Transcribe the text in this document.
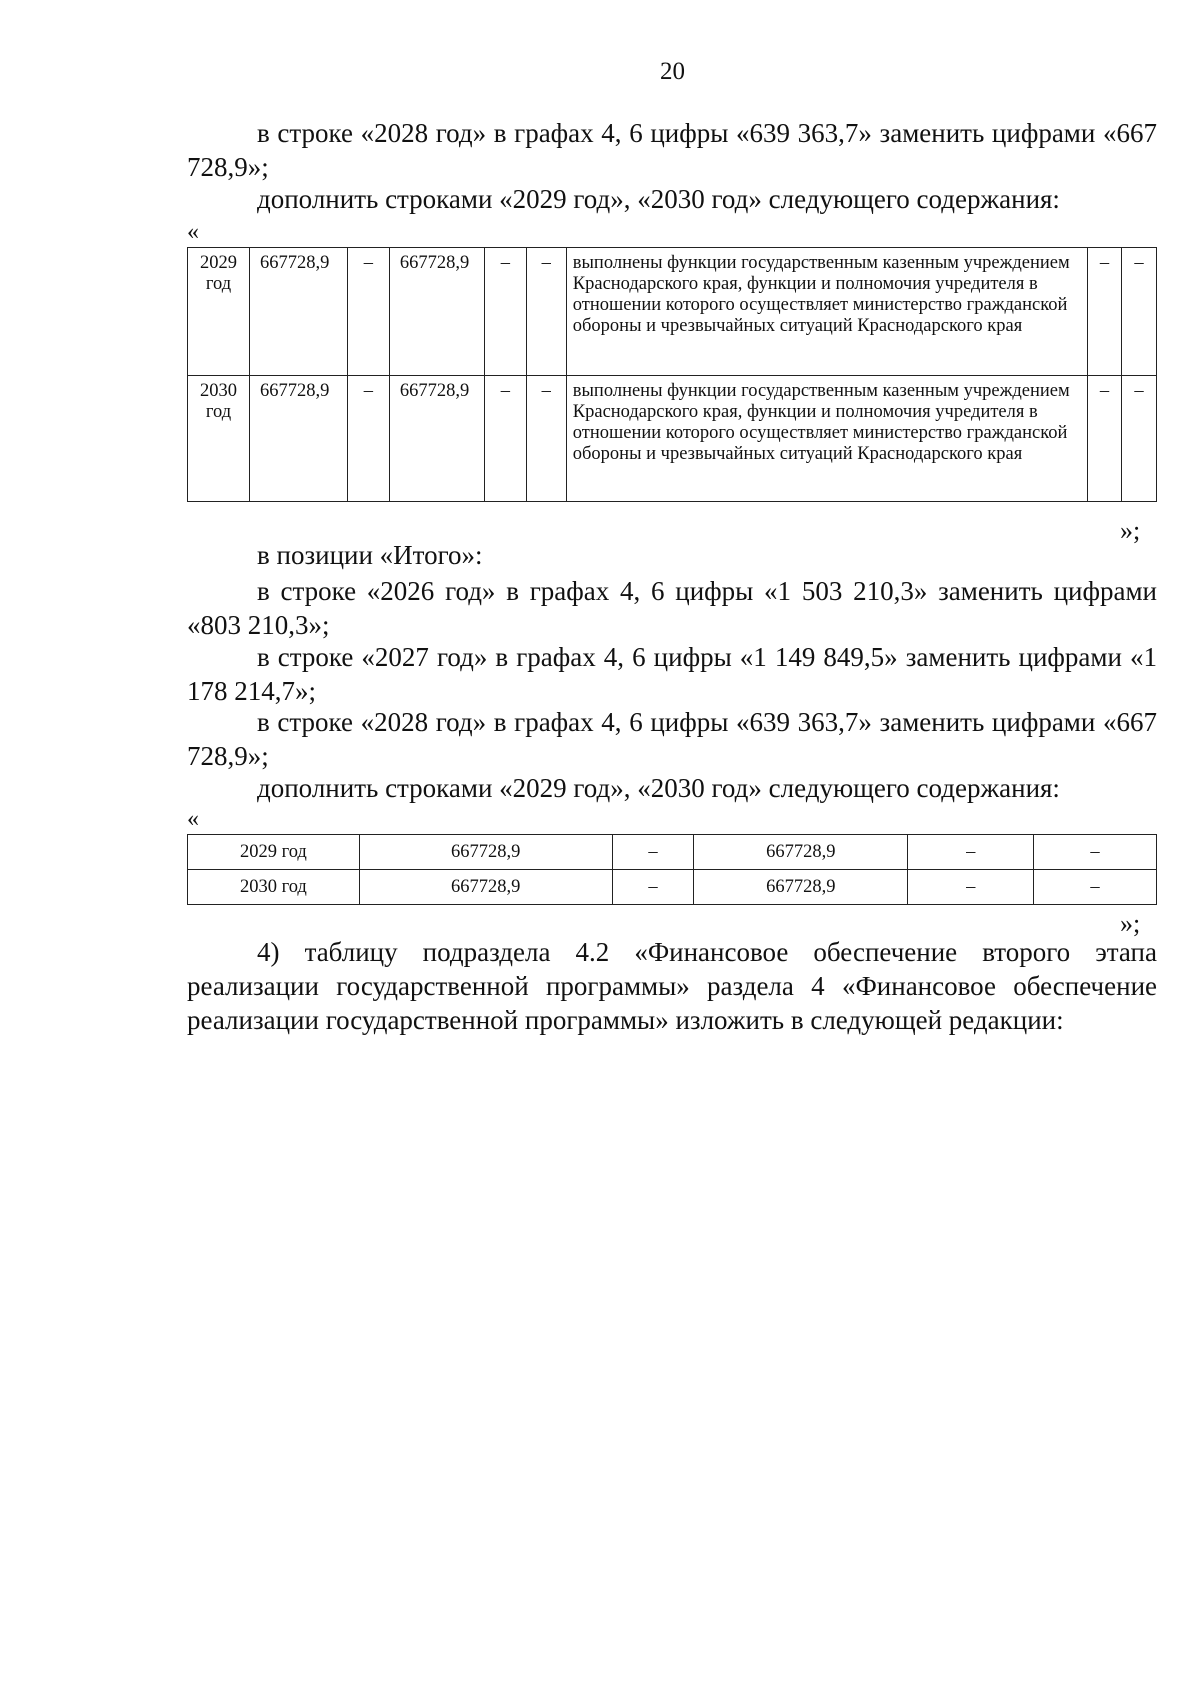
20
в строке «2028 год» в графах 4, 6 цифры «639 363,7» заменить цифрами «667 728,9»;
дополнить строками «2029 год», «2030 год» следующего содержания:
«
2029 год	667728,9	–	667728,9	–	–	выполнены функции государственным казенным учреждением Краснодарского края, функции и полномочия учредителя в отношении которого осуществляет министерство гражданской обороны и чрезвычайных ситуаций Краснодарского края	–	–
2030 год	667728,9	–	667728,9	–	–	выполнены функции государственным казенным учреждением Краснодарского края, функции и полномочия учредителя в отношении которого осуществляет министерство гражданской обороны и чрезвычайных ситуаций Краснодарского края	–	–
»;
в позиции «Итого»:
в строке «2026 год» в графах 4, 6 цифры «1 503 210,3» заменить цифрами «803 210,3»;
в строке «2027 год» в графах 4, 6 цифры «1 149 849,5» заменить цифрами «1 178 214,7»;
в строке «2028 год» в графах 4, 6 цифры «639 363,7» заменить цифрами «667 728,9»;
дополнить строками «2029 год», «2030 год» следующего содержания:
«
2029 год	667728,9	–	667728,9	–	–
2030 год	667728,9	–	667728,9	–	–
»;
4) таблицу подраздела 4.2 «Финансовое обеспечение второго этапа реализации государственной программы» раздела 4 «Финансовое обеспечение реализации государственной программы» изложить в следующей редакции:
